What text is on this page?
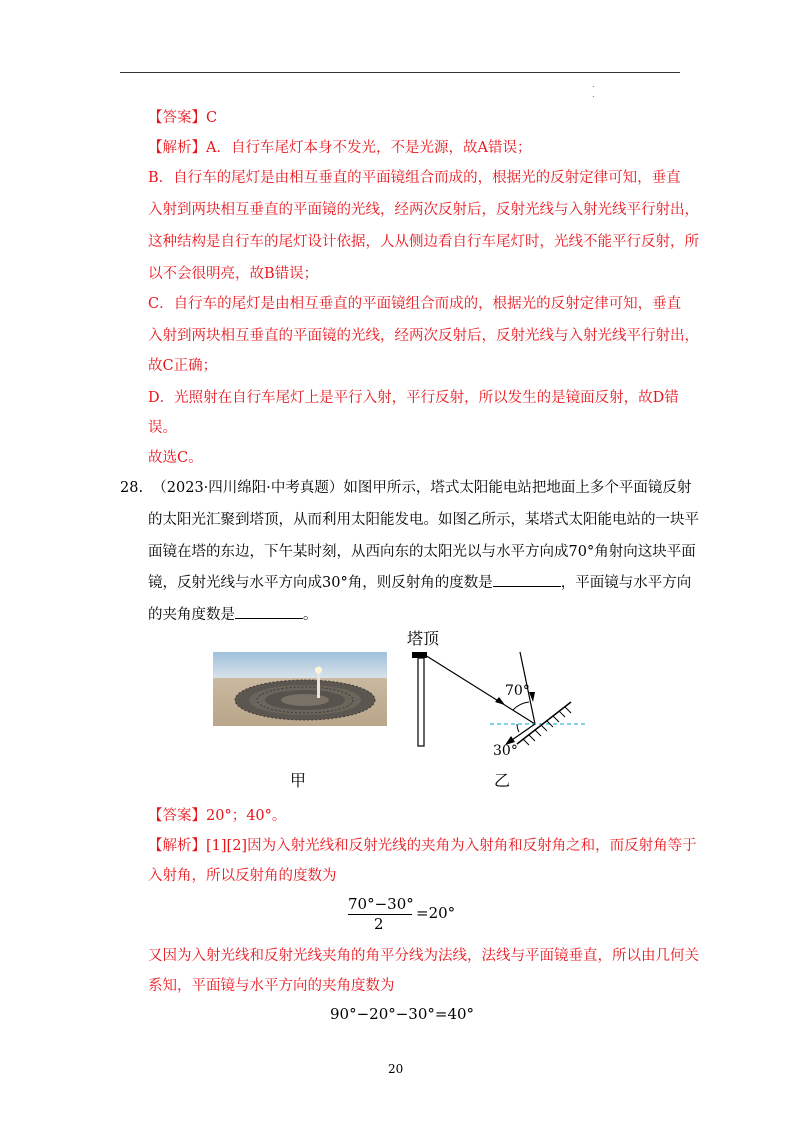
.
.
【答案】C
【解析】A．自行车尾灯本身不发光，不是光源，故A错误；
B．自行车的尾灯是由相互垂直的平面镜组合而成的，根据光的反射定律可知，垂直
入射到两块相互垂直的平面镜的光线，经两次反射后，反射光线与入射光线平行射出，
这种结构是自行车的尾灯设计依据，人从侧边看自行车尾灯时，光线不能平行反射，所
以不会很明亮，故B错误；
C．自行车的尾灯是由相互垂直的平面镜组合而成的，根据光的反射定律可知，垂直
入射到两块相互垂直的平面镜的光线，经两次反射后，反射光线与入射光线平行射出，
故C正确；
D．光照射在自行车尾灯上是平行入射，平行反射，所以发生的是镜面反射，故D错
误。
故选C。
28. （2023·四川绵阳·中考真题）如图甲所示，塔式太阳能电站把地面上多个平面镜反射
的太阳光汇聚到塔顶，从而利用太阳能发电。如图乙所示，某塔式太阳能电站的一块平
面镜在塔的东边，下午某时刻，从西向东的太阳光以与水平方向成70°角射向这块平面
镜，反射光线与水平方向成30°角，则反射角的度数是	，平面镜与水平方向
的夹角度数是	。
塔顶
70°
30°
甲	乙
【答案】20°；40°。
【解析】[1][2]因为入射光线和反射光线的夹角为入射角和反射角之和，而反射角等于
入射角，所以反射角的度数为
70°−30°
2
=20°
又因为入射光线和反射光线夹角的角平分线为法线，法线与平面镜垂直，所以由几何关
系知，平面镜与水平方向的夹角度数为
90°−20°−30°=40°
20
